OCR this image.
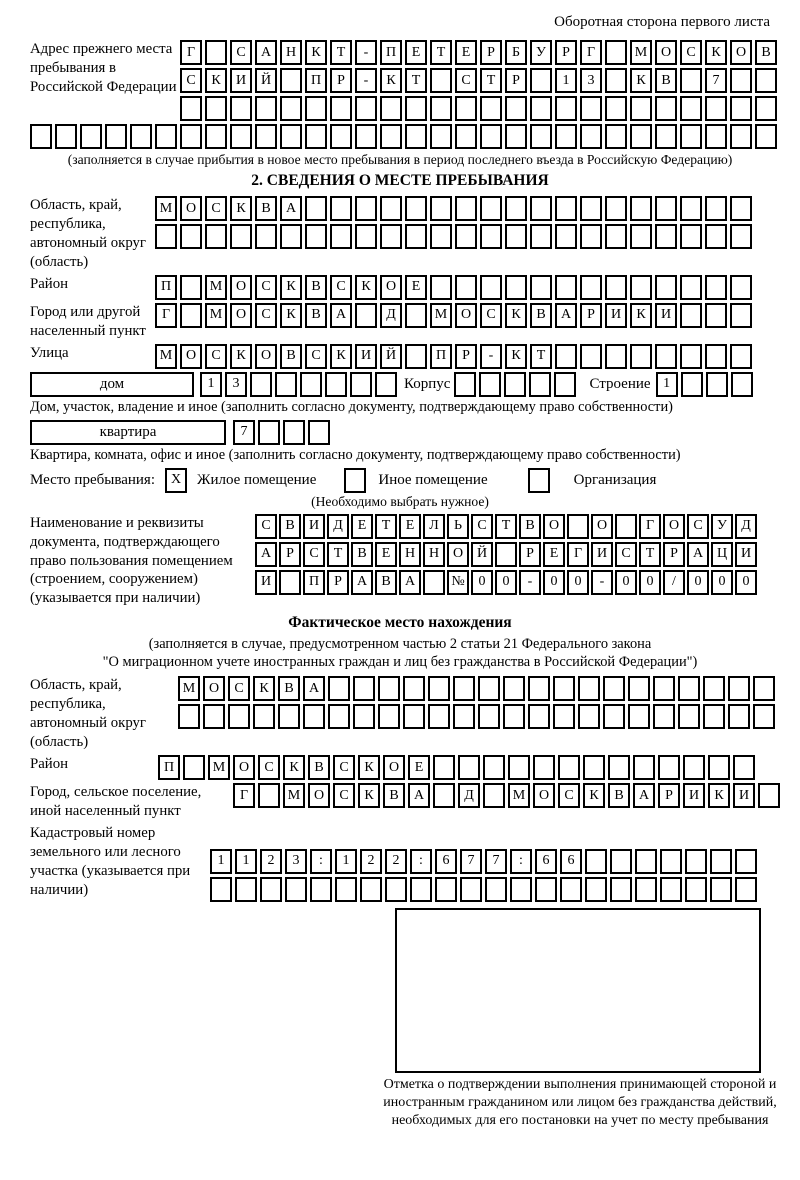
Оборотная сторона первого листа
Адрес прежнего места пребывания в Российской Федерации
Г	С	А	Н	К	Т	-	П	Е	Т	Е	Р	Б	У	Р	Г	М О	С	К	О	В
С	К	И	Й	П	Р	-	К	Т	С	Т	Р	1	3	К	В	7
(заполняется в случае прибытия в новое место пребывания в период последнего въезда в Российскую Федерацию)
2. СВЕДЕНИЯ О МЕСТЕ ПРЕБЫВАНИЯ
Область, край, республика, автономный округ (область)
М О	С	К	В	А
Район	П	М О	С	К	В	С	К	О	Е
Город или другой населенный пункт
Г	М О	С	К	В	А	Д	М О	С	К	В	А	Р	И	К	И
Улица	М О	С	К	О	В	С	К	И	Й	П	Р	-	К	Т
дом	1	3	Корпус	Строение 1
Дом, участок, владение и иное (заполнить согласно документу, подтверждающему право собственности)
квартира	7
Квартира, комната, офис и иное (заполнить согласно документу, подтверждающему право собственности)
Место пребывания:	X	Жилое помещение	Иное помещение	Организация
(Необходимо выбрать нужное)
Наименование и реквизиты документа, подтверждающего право пользования помещением (строением, сооружением) (указывается при наличии)
С	В	И	Д	Е	Т	Е	Л	Ь	С	Т	В	О	О	Г	О	С	У	Д
А	Р	С	Т	В	Е	Н Н О Й	Р	Е	Г	И	С	Т	Р	А Ц И
И	П	Р	А	В	А	№ 0	0	-	0	0	-	0	0	/	0	0	0
Фактическое место нахождения
(заполняется в случае, предусмотренном частью 2 статьи 21 Федерального закона
"О миграционном учете иностранных граждан и лиц без гражданства в Российской Федерации")
Область, край, республика, автономный округ (область)
М О	С	К	В	А
Район	П	М О	С	К	В	С	К	О	Е
Город, сельское поселение, иной населенный пункт
Г	М О	С	К	В	А	Д	М О	С	К	В	А	Р	И	К	И
Кадастровый номер земельного или лесного участка (указывается при наличии)
1	1	2	3	:	1	2	2	:	6	7	7	:	6	6
Отметка о подтверждении выполнения принимающей стороной и иностранным гражданином или лицом без гражданства действий, необходимых для его постановки на учет по месту пребывания
